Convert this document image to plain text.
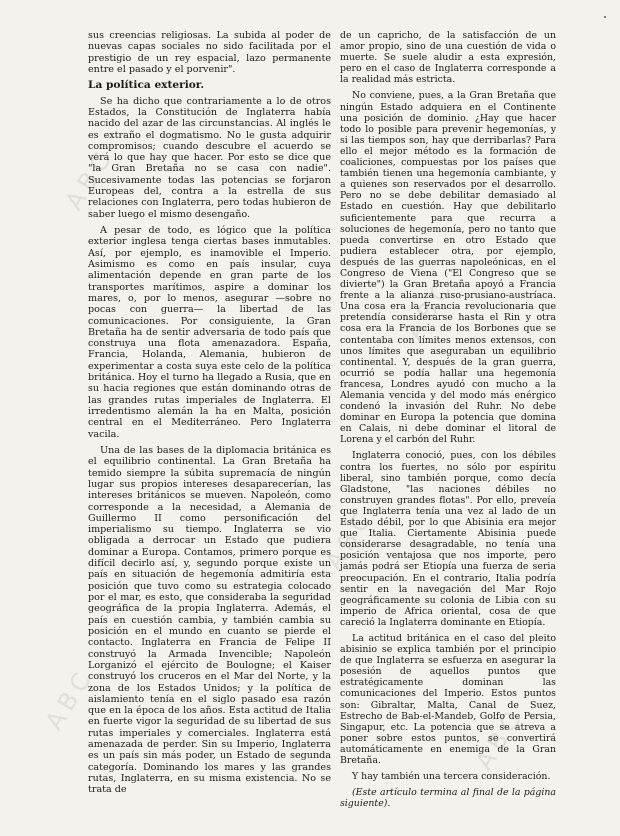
ABC
ABC
ABC
ABC
ABC

sus creencias religiosas. La subida al poder de nuevas capas sociales no sido facilitada por el prestigio de un rey espacial, lazo permanente entre el pasado y el porvenir".

La política exterior.

Se ha dicho que contrariamente a lo de otros Estados, la Constitución de Inglaterra había nacido del azar de las circunstancias. Al inglés le es extraño el dogmatismo. No le gusta adquirir compromisos; cuando descubre el acuerdo se verá lo que hay que hacer. Por esto se dice que "la Gran Bretaña no se casa con nadie". Sucesivamente todas las potencias se forjaron Europeas del, contra a la estrella de sus relaciones con Inglaterra, pero todas hubieron de saber luego el mismo desengaño.

A pesar de todo, es lógico que la política exterior inglesa tenga ciertas bases inmutables. Así, por ejemplo, es inamovible el Imperio. Asimismo es como en país insular, cuya alimentación depende en gran parte de los transportes marítimos, aspire a dominar los mares, o, por lo menos, asegurar —sobre no pocas con guerra— la libertad de las comunicaciones. Por consiguiente, la Gran Bretaña ha de sentir adversaria de todo país que construya una flota amenazadora. España, Francia, Holanda, Alemania, hubieron de experimentar a costa suya este celo de la política británica. Hoy el turno ha llegado a Rusia, que en su hacia regiones que están dominando otras de las grandes rutas imperiales de Inglaterra. El irredentismo alemán la ha en Malta, posición central en el Mediterráneo. Pero Inglaterra vacila.

Una de las bases de la diplomacia británica es el equilibrio continental. La Gran Bretaña ha temido siempre la súbita supremacía de ningún lugar sus propios intereses desaparecerían, las intereses británicos se mueven. Napoleón, como corresponde a la necesidad, a Alemania de Guillermo II como personificación del imperialismo su tiempo. Inglaterra se vio obligada a derrocar un Estado que pudiera dominar a Europa. Contamos, primero porque es difícil decirlo así, y, segundo porque existe un país en situación de hegemonía admitiría esta posición que tuvo como su estrategia colocado por el mar, es esto, que consideraba la seguridad geográfica de la propia Inglaterra. Además, el país en cuestión cambia, y también cambia su posición en el mundo en cuanto se pierde el contacto. Inglaterra en Francia de Felipe II construyó la Armada Invencible; Napoleón Lorganizó el ejército de Boulogne; el Kaiser construyó los cruceros en el Mar del Norte, y la zona de los Estados Unidos; y la política de aislamiento tenía en el siglo pasado esa razón que en la época de los años. Esta actitud de Italia en fuerte vigor la seguridad de su libertad de sus rutas imperiales y comerciales. Inglaterra está amenazada de perder. Sin su Imperio, Inglaterra es un país sin más poder, un Estado de segunda categoría. Dominando los mares y las grandes rutas, Inglaterra, en su misma existencia. No se trata de

de un capricho, de la satisfacción de un amor propio, sino de una cuestión de vida o muerte. Se suele aludir a esta expresión, pero en el caso de Inglaterra corresponde a la realidad más estricta.

No conviene, pues, a la Gran Bretaña que ningún Estado adquiera en el Continente una posición de dominio. ¿Hay que hacer todo lo posible para prevenir hegemonías, y si las tiempos son, hay que derribarlas? Para ello el mejor método es la formación de coaliciones, compuestas por los países que también tienen una hegemonía cambiante, y a quienes son reservados por el desarrollo. Pero no se debe debilitar demasiado al Estado en cuestión. Hay que debilitarlo suficientemente para que recurra a soluciones de hegemonía, pero no tanto que pueda convertirse en otro Estado que pudiera establecer otra, por ejemplo, después de las guerras napoleónicas, en el Congreso de Viena ("El Congreso que se divierte") la Gran Bretaña apoyó a Francia frente a la alianza ruso-prusiano-austríaca. Una cosa era la Francia revolucionaria que pretendía considerarse hasta el Rin y otra cosa era la Francia de los Borbones que se contentaba con límites menos extensos, con unos límites que aseguraban un equilibrio continental. Y, después de la gran guerra, ocurrió se podía hallar una hegemonía francesa, Londres ayudó con mucho a la Alemania vencida y del modo más enérgico condenó la invasión del Ruhr. No debe dominar en Europa la potencia que domina en Calais, ni debe dominar el litoral de Lorena y el carbón del Ruhr.

Inglaterra conoció, pues, con los débiles contra los fuertes, no sólo por espíritu liberal, sino también porque, como decía Gladstone, "las naciones débiles no construyen grandes flotas". Por ello, preveía que Inglaterra tenía una vez al lado de un Estado débil, por lo que Abisinia era mejor que Italia. Ciertamente Abisinia puede considerarse desagradable, no tenía una posición ventajosa que nos importe, pero jamás podrá ser Etiopía una fuerza de seria preocupación. En el contrario, Italia podría sentir en la navegación del Mar Rojo geográficamente su colonia de Libia con su imperio de Africa oriental, cosa de que careció la Inglaterra dominante en Etiopía.

La actitud británica en el caso del pleito abisinio se explica también por el principio de que Inglaterra se esfuerza en asegurar la posesión de aquellos puntos que estratégicamente dominan las comunicaciones del Imperio. Estos puntos son: Gibraltar, Malta, Canal de Suez, Estrecho de Bab-el-Mandeb, Golfo de Persia, Singapur, etc. La potencia que se atreva a poner sobre estos puntos, se convertirá automáticamente en enemiga de la Gran Bretaña.

Y hay también una tercera consideración.

(Este artículo termina al final de la página siguiente).
